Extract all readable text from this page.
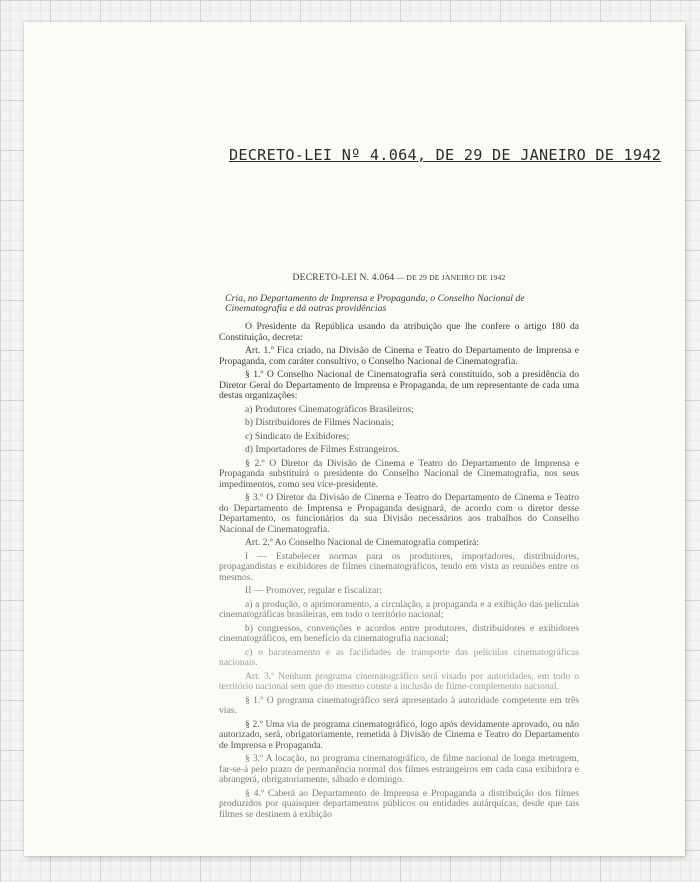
DECRETO-LEI Nº 4.064, DE 29 DE JANEIRO DE 1942
DECRETO-LEI N. 4.064 — DE 29 DE JANEIRO DE 1942

Cria, no Departamento de Imprensa e Propaganda, o Conselho Nacional de Cinematografia e dá outras providências

O Presidente da República usando da atribuição que lhe confere o artigo 180 da Constituição, decreta:

Art. 1.º Fica criado, na Divisão de Cinema e Teatro do Departamento de Imprensa e Propaganda, com caráter consultivo, o Conselho Nacional de Cinematografia.

§ 1.º O Conselho Nacional de Cinematografia será constituído, sob a presidência do Diretor Geral do Departamento de Imprensa e Propaganda, de um representante de cada uma destas organizações:

a) Produtores Cinematográficos Brasileiros;

b) Distribuidores de Filmes Nacionais;

c) Sindicato de Exibidores;

d) Importadores de Filmes Estrangeiros.

§ 2.º O Diretor da Divisão de Cinema e Teatro do Departamento de Imprensa e Propaganda substituirá o presidente do Conselho Nacional de Cinematografia, nos seus impedimentos, como seu vice-presidente.

§ 3.º O Diretor da Divisão de Cinema e Teatro do Departamento de Cinema e Teatro do Departamento de Imprensa e Propaganda designará, de acordo com o diretor desse Departamento, os funcionários da sua Divisão necessários aos trabalhos do Conselho Nacional de Cinematografia.

Art. 2.º Ao Conselho Nacional de Cinematografia competirá:

I — Estabelecer normas para os produtores, importadores, distribuidores, propagandistas e exibidores de filmes cinematográficos, tendo em vista as reuniões entre os mesmos.

II — Promover, regular e fiscalizar:

a) a produção, o aprimoramento, a circulação, a propaganda e a exibição das películas cinematográficas brasileiras, em todo o território nacional;

b) congressos, convenções e acordos entre produtores, distribuidores e exibidores cinematográficos, em benefício da cinematografia nacional;

c) o barateamento e as facilidades de transporte das películas cinematográficas nacionais.

Art. 3.º Nenhum programa cinematográfico será visado por autoridades, em todo o território nacional sem que do mesmo conste a inclusão de filme-complemento nacional.

§ 1.º O programa cinematográfico será apresentado à autoridade competente em três vias.

§ 2.º Uma via de programa cinematográfico, logo após devidamente aprovado, ou não autorizado, será, obrigatoriamente, remetida à Divisão de Cinema e Teatro do Departamento de Imprensa e Propaganda.

§ 3.º A locação, no programa cinematográfico, de filme nacional de longa metragem, far-se-á pelo prazo de permanência normal dos filmes estrangeiros em cada casa exibidora e abrangerá, obrigatoriamente, sábado e domingo.

§ 4.º Caberá ao Departamento de Imprensa e Propaganda a distribuição dos filmes produzidos por quaisquer departamentos públicos ou entidades autárquicas, desde que tais filmes se destinem à exibição
